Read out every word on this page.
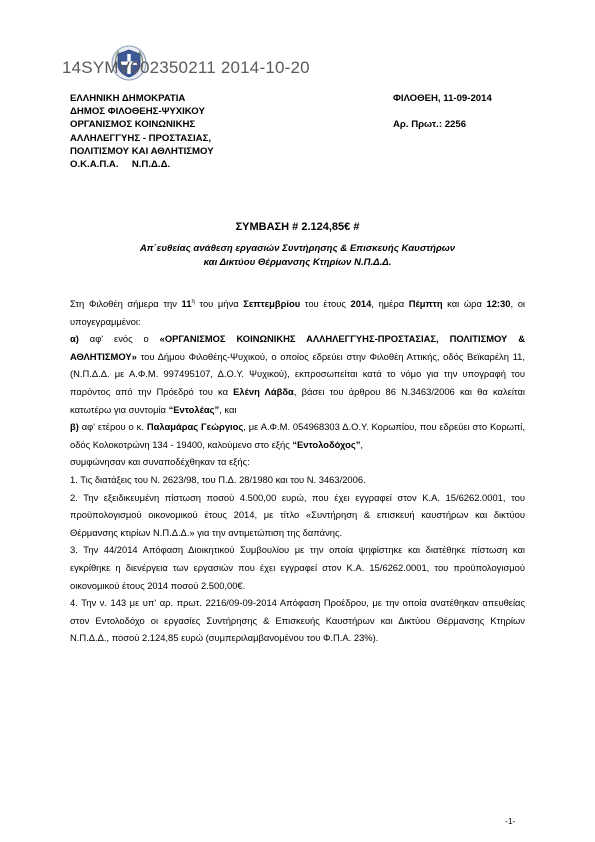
14SYMV002350211 2014-10-20
ΕΛΛΗΝΙΚΗ ΔΗΜΟΚΡΑΤΙΑ
ΔΗΜΟΣ ΦΙΛΟΘΕΗΣ-ΨΥΧΙΚΟΥ
ΟΡΓΑΝΙΣΜΟΣ ΚΟΙΝΩΝΙΚΗΣ
ΑΛΛΗΛΕΓΓΥΗΣ - ΠΡΟΣΤΑΣΙΑΣ,
ΠΟΛΙΤΙΣΜΟΥ ΚΑΙ ΑΘΛΗΤΙΣΜΟΥ
Ο.Κ.Α.Π.Α.     Ν.Π.Δ.Δ.
ΦΙΛΟΘΕΗ, 11-09-2014
Αρ. Πρωτ.: 2256
ΣΥΜΒΑΣΗ # 2.124,85€ #
Απ΄ευθείας ανάθεση εργασιών Συντήρησης & Επισκευής Καυστήρων
και Δικτύου Θέρμανσης Κτηρίων Ν.Π.Δ.Δ.

Στη Φιλοθέη σήμερα την $11^\eta$ του μήνα Σεπτεμβρίου του έτους 2014, ημέρα Πέμπτη και ώρα 12:30, οι υπογεγραμμένοι:

α) αφ' ενός ο «ΟΡΓΑΝΙΣΜΟΣ ΚΟΙΝΩΝΙΚΗΣ ΑΛΛΗΛΕΓΓΥΗΣ-ΠΡΟΣΤΑΣΙΑΣ, ΠΟΛΙΤΙΣΜΟΥ & ΑΘΛΗΤΙΣΜΟΥ» του Δήμου Φιλοθέης-Ψυχικού, ο οποίος εδρεύει στην Φιλοθέη Αττικής, οδός Βεϊκαρέλη 11, (Ν.Π.Δ.Δ. με Α.Φ.Μ. 997495107, Δ.Ο.Υ. Ψυχικού), εκπροσωπείται κατά το νόμο για την υπογραφή του παρόντος από την Πρόεδρό του κα Ελένη Λάβδα, βάσει του άρθρου 86 Ν.3463/2006 και θα καλείται κατωτέρω για συντομία “Εντολέας”, και

β) αφ' ετέρου ο κ. Παλαμάρας Γεώργιος, με Α.Φ.Μ. 054968303 Δ.Ο.Υ. Κορωπίου, που εδρεύει στο Κορωπί, οδός Κολοκοτρώνη 134 - 19400, καλούμενο στο εξής “Εντολοδόχος”,

συμφώνησαν και συναποδέχθηκαν τα εξής:

1. Τις διατάξεις του Ν. 2623/98, του Π.Δ. 28/1980 και του Ν. 3463/2006.

2. Την εξειδικευμένη πίστωση ποσού 4.500,00 ευρώ, που έχει εγγραφεί στον Κ.Α. 15/6262.0001, του προϋπολογισμού οικονομικού έτους 2014, με τίτλο «Συντήρηση & επισκευή καυστήρων και δικτύου Θέρμανσης κτιρίων Ν.Π.Δ.Δ.» για την αντιμετώπιση της δαπάνης.

3. Την 44/2014 Απόφαση Διοικητικού Συμβουλίου με την οποία ψηφίστηκε και διατέθηκε πίστωση και εγκρίθηκε η διενέργεια των εργασιών που έχει εγγραφεί στον Κ.Α. 15/6262.0001, του προϋπολογισμού οικονομικού έτους 2014 ποσού 2.500,00€.

4. Την ν. 143 με υπ' αρ. πρωτ. 2216/09-09-2014 Απόφαση Προέδρου, με την οποία ανατέθηκαν απευθείας στον Εντολοδόχο οι εργασίες Συντήρησης & Επισκευής Καυστήρων και Δικτύου Θέρμανσης Κτηρίων Ν.Π.Δ.Δ., ποσού 2.124,85 ευρώ (συμπεριλαμβανομένου του Φ.Π.Α. 23%).

-1-
